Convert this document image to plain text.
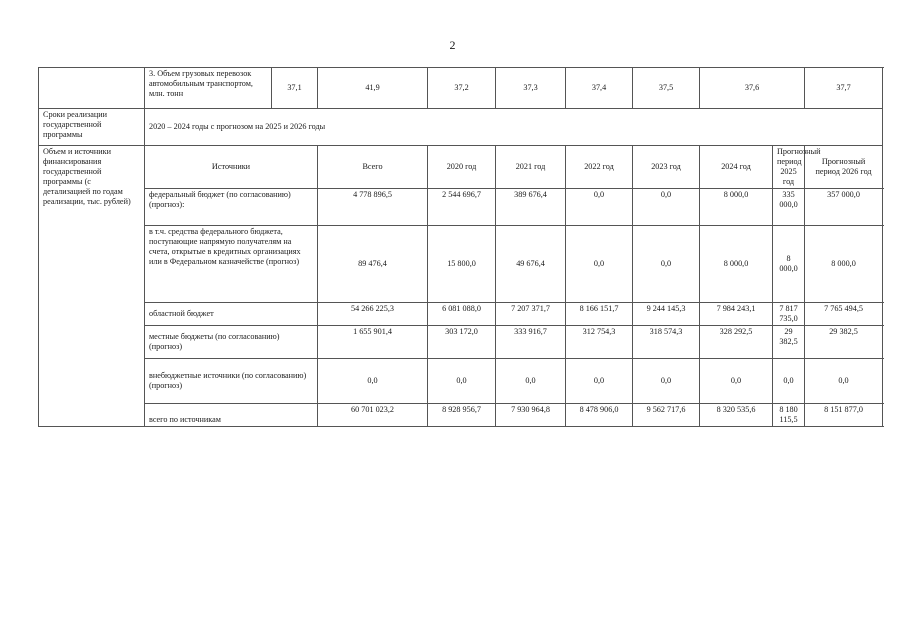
2
	3. Объем грузовых перевозок автомобильным транспортом, млн. тонн	37,1	41,9	37,2	37,3	37,4	37,5	37,6		37,7
Сроки реализации государственной программы	2020 – 2024 годы с прогнозом на 2025 и 2026 годы									
Объем и источники финансирования государственной программы (с детализацией по годам реализации, тыс. рублей)	Источники		Всего	2020 год	2021 год	2022 год	2023 год	2024 год	Прогнозный период 2025 год	Прогнозный период 2026 год
	федеральный бюджет (по согласованию) (прогноз):		4 778 896,5	2 544 696,7	389 676,4	0,0	0,0	8 000,0	335 000,0	357 000,0
	в т.ч. средства федерального бюджета, поступающие напрямую получателям на счета, открытые в кредитных организациях или в Федеральном казначействе (прогноз)		89 476,4	15 800,0	49 676,4	0,0	0,0	8 000,0	8 000,0	8 000,0
	областной бюджет		54 266 225,3	6 081 088,0	7 207 371,7	8 166 151,7	9 244 145,3	7 984 243,1	7 817 735,0	7 765 494,5
	местные бюджеты (по согласованию) (прогноз)		1 655 901,4	303 172,0	333 916,7	312 754,3	318 574,3	328 292,5	29 382,5	29 382,5
	внебюджетные источники (по согласованию) (прогноз)		0,0	0,0	0,0	0,0	0,0	0,0	0,0	0,0
	всего по источникам		60 701 023,2	8 928 956,7	7 930 964,8	8 478 906,0	9 562 717,6	8 320 535,6	8 180 115,5	8 151 877,0
